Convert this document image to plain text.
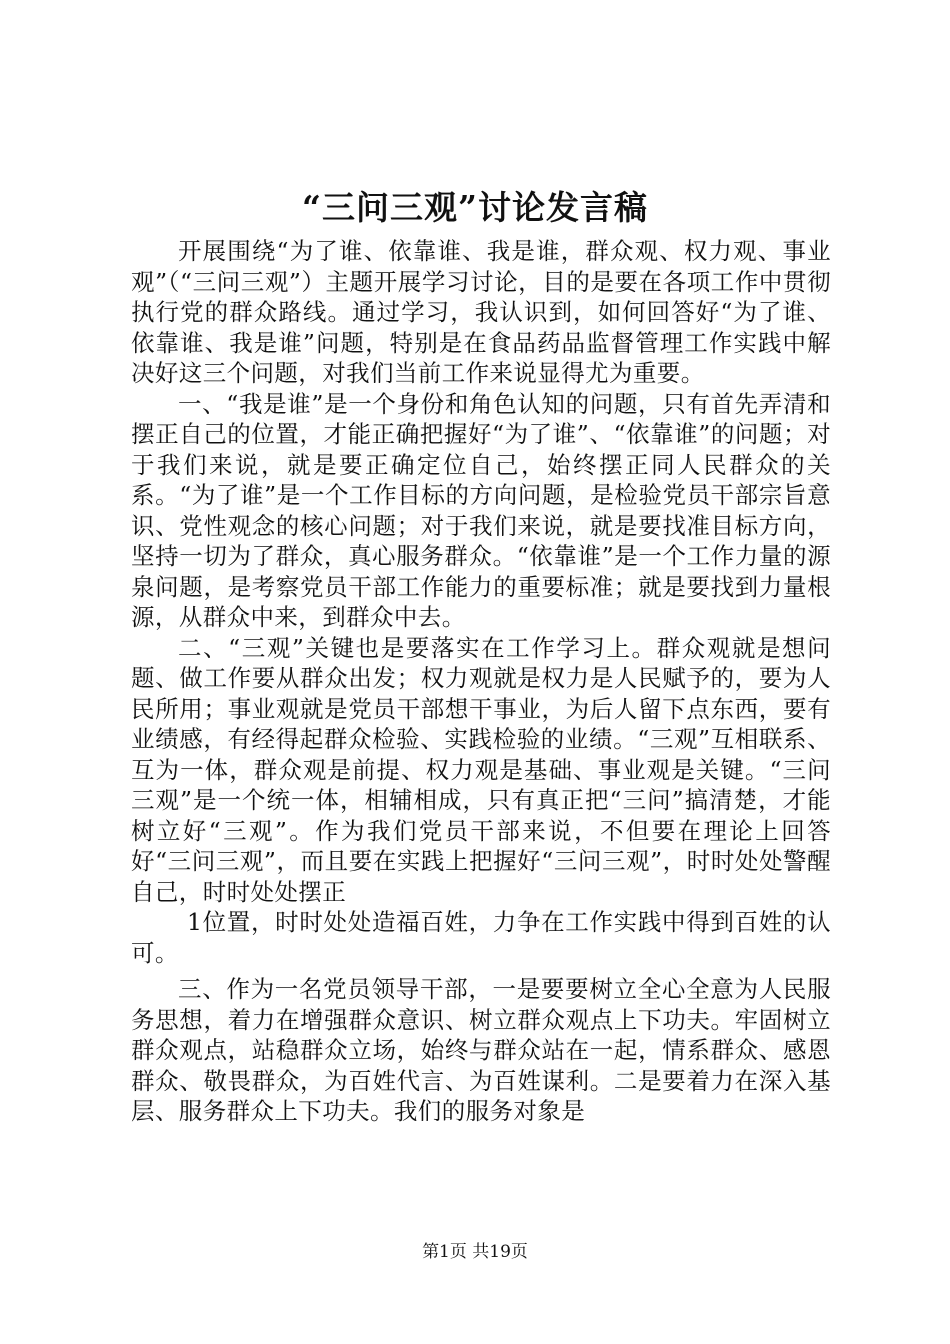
“三问三观”讨论发言稿

开展围绕“为了谁、依靠谁、我是谁，群众观、权力观、事业观”（“三问三观”）主题开展学习讨论，目的是要在各项工作中贯彻执行党的群众路线。通过学习，我认识到，如何回答好“为了谁、依靠谁、我是谁”问题，特别是在食品药品监督管理工作实践中解决好这三个问题，对我们当前工作来说显得尤为重要。

一、“我是谁”是一个身份和角色认知的问题，只有首先弄清和摆正自己的位置，才能正确把握好“为了谁”、“依靠谁”的问题；对于我们来说，就是要正确定位自己，始终摆正同人民群众的关系。“为了谁”是一个工作目标的方向问题，是检验党员干部宗旨意识、党性观念的核心问题；对于我们来说，就是要找准目标方向，坚持一切为了群众，真心服务群众。“依靠谁”是一个工作力量的源泉问题，是考察党员干部工作能力的重要标准；就是要找到力量根源，从群众中来，到群众中去。

二、“三观”关键也是要落实在工作学习上。群众观就是想问题、做工作要从群众出发；权力观就是权力是人民赋予的，要为人民所用；事业观就是党员干部想干事业，为后人留下点东西，要有业绩感，有经得起群众检验、实践检验的业绩。“三观”互相联系、互为一体，群众观是前提、权力观是基础、事业观是关键。“三问三观”是一个统一体，相辅相成，只有真正把“三问”搞清楚，才能树立好“三观”。作为我们党员干部来说，不但要在理论上回答好“三问三观”，而且要在实践上把握好“三问三观”，时时处处警醒自己，时时处处摆正

1位置，时时处处造福百姓，力争在工作实践中得到百姓的认可。

三、作为一名党员领导干部，一是要要树立全心全意为人民服务思想，着力在增强群众意识、树立群众观点上下功夫。牢固树立群众观点，站稳群众立场，始终与群众站在一起，情系群众、感恩群众、敬畏群众，为百姓代言、为百姓谋利。二是要着力在深入基层、服务群众上下功夫。我们的服务对象是

第1页 共19页
